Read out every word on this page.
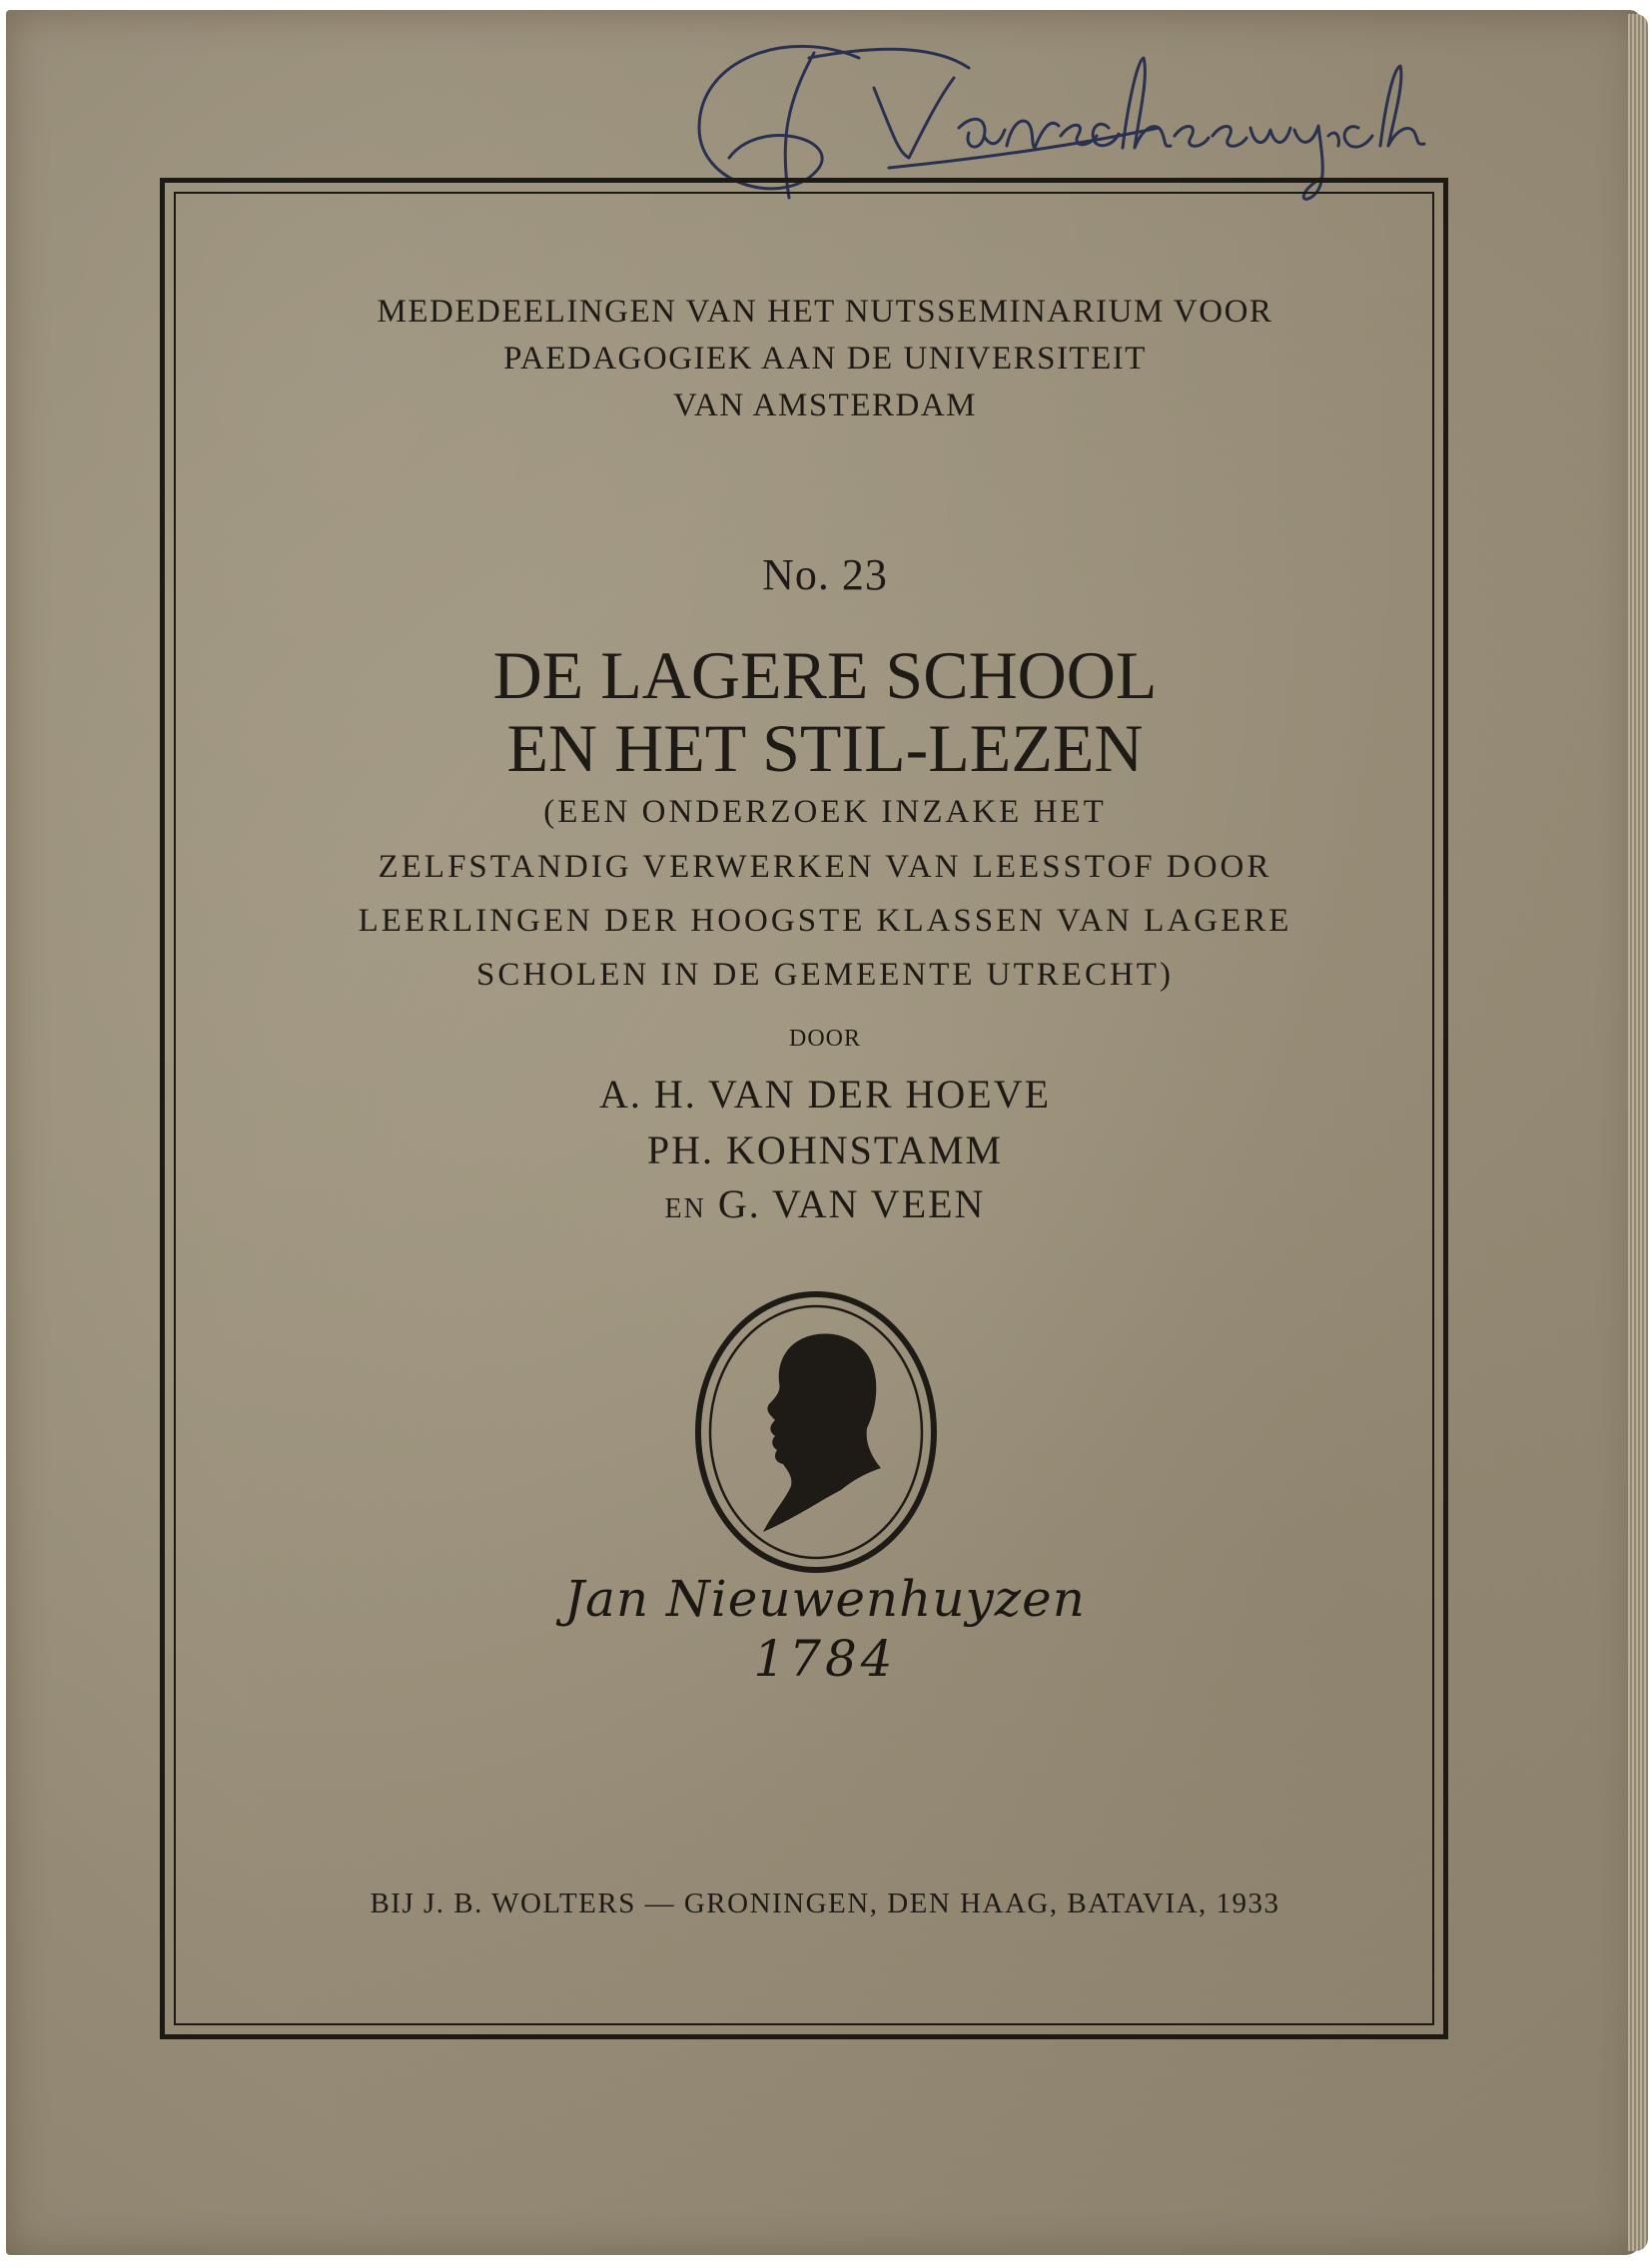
MEDEDEELINGEN VAN HET NUTSSEMINARIUM VOOR
PAEDAGOGIEK AAN DE UNIVERSITEIT
VAN AMSTERDAM
No. 23
DE LAGERE SCHOOL
EN HET STIL-LEZEN
(EEN ONDERZOEK INZAKE HET
ZELFSTANDIG VERWERKEN VAN LEESSTOF DOOR
LEERLINGEN DER HOOGSTE KLASSEN VAN LAGERE
SCHOLEN IN DE GEMEENTE UTRECHT)
DOOR
A. H. VAN DER HOEVE
PH. KOHNSTAMM
EN G. VAN VEEN
Jan Nieuwenhuyzen
1784
BIJ J. B. WOLTERS — GRONINGEN, DEN HAAG, BATAVIA, 1933
